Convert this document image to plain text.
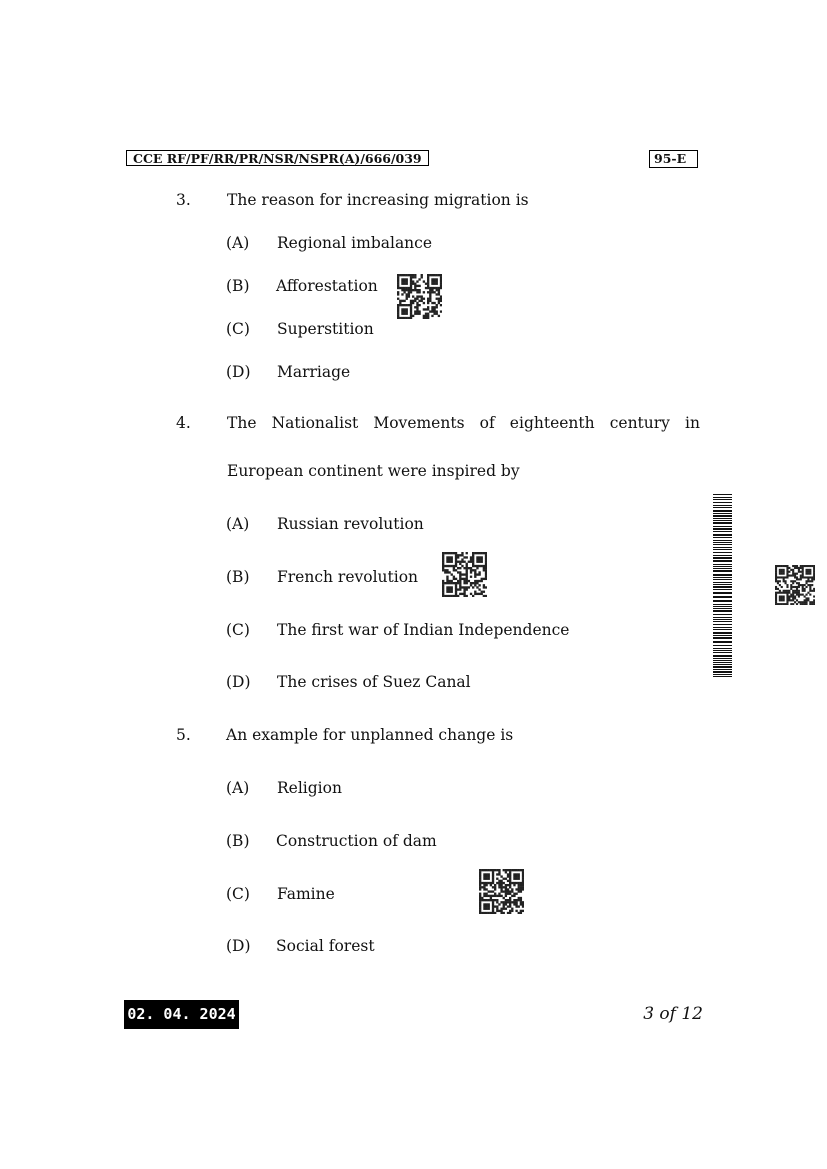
CCE RF/PF/RR/PR/NSR/NSPR(A)/666/039	95-E
3. The reason for increasing migration is
(A) Regional imbalance
(B) Afforestation
(C) Superstition
(D) Marriage
4. The Nationalist Movements of eighteenth century in
European continent were inspired by
(A) Russian revolution
(B) French revolution
(C) The first war of Indian Independence
(D) The crises of Suez Canal
5. An example for unplanned change is
(A) Religion
(B) Construction of dam
(C) Famine
(D) Social forest
02. 04. 2024	3 of 12
